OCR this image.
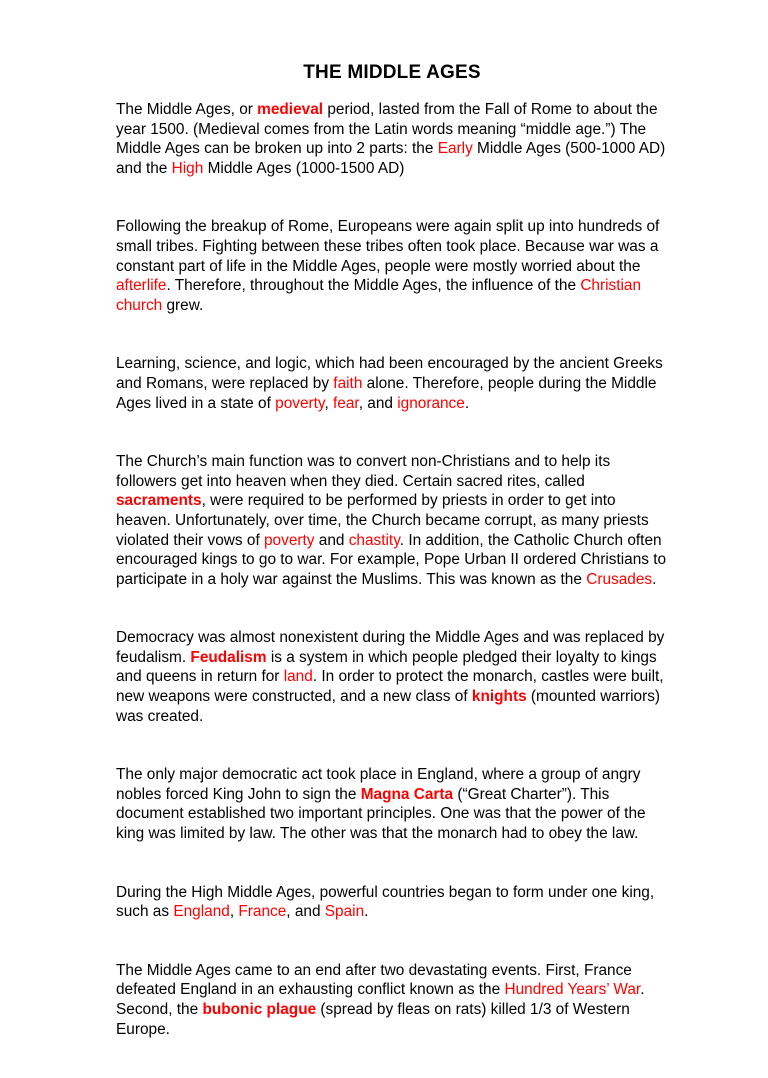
THE MIDDLE AGES

The Middle Ages, or medieval period, lasted from the Fall of Rome to about the year 1500. (Medieval comes from the Latin words meaning “middle age.”) The Middle Ages can be broken up into 2 parts: the Early Middle Ages (500-1000 AD) and the High Middle Ages (1000-1500 AD)

Following the breakup of Rome, Europeans were again split up into hundreds of small tribes. Fighting between these tribes often took place. Because war was a constant part of life in the Middle Ages, people were mostly worried about the afterlife. Therefore, throughout the Middle Ages, the influence of the Christian church grew.

Learning, science, and logic, which had been encouraged by the ancient Greeks and Romans, were replaced by faith alone. Therefore, people during the Middle Ages lived in a state of poverty, fear, and ignorance.

The Church’s main function was to convert non-Christians and to help its followers get into heaven when they died. Certain sacred rites, called sacraments, were required to be performed by priests in order to get into heaven. Unfortunately, over time, the Church became corrupt, as many priests violated their vows of poverty and chastity. In addition, the Catholic Church often encouraged kings to go to war. For example, Pope Urban II ordered Christians to participate in a holy war against the Muslims. This was known as the Crusades.

Democracy was almost nonexistent during the Middle Ages and was replaced by feudalism. Feudalism is a system in which people pledged their loyalty to kings and queens in return for land. In order to protect the monarch, castles were built, new weapons were constructed, and a new class of knights (mounted warriors) was created.

The only major democratic act took place in England, where a group of angry nobles forced King John to sign the Magna Carta (“Great Charter”). This document established two important principles. One was that the power of the king was limited by law. The other was that the monarch had to obey the law.

During the High Middle Ages, powerful countries began to form under one king, such as England, France, and Spain.

The Middle Ages came to an end after two devastating events. First, France defeated England in an exhausting conflict known as the Hundred Years’ War. Second, the bubonic plague (spread by fleas on rats) killed 1/3 of Western Europe.
